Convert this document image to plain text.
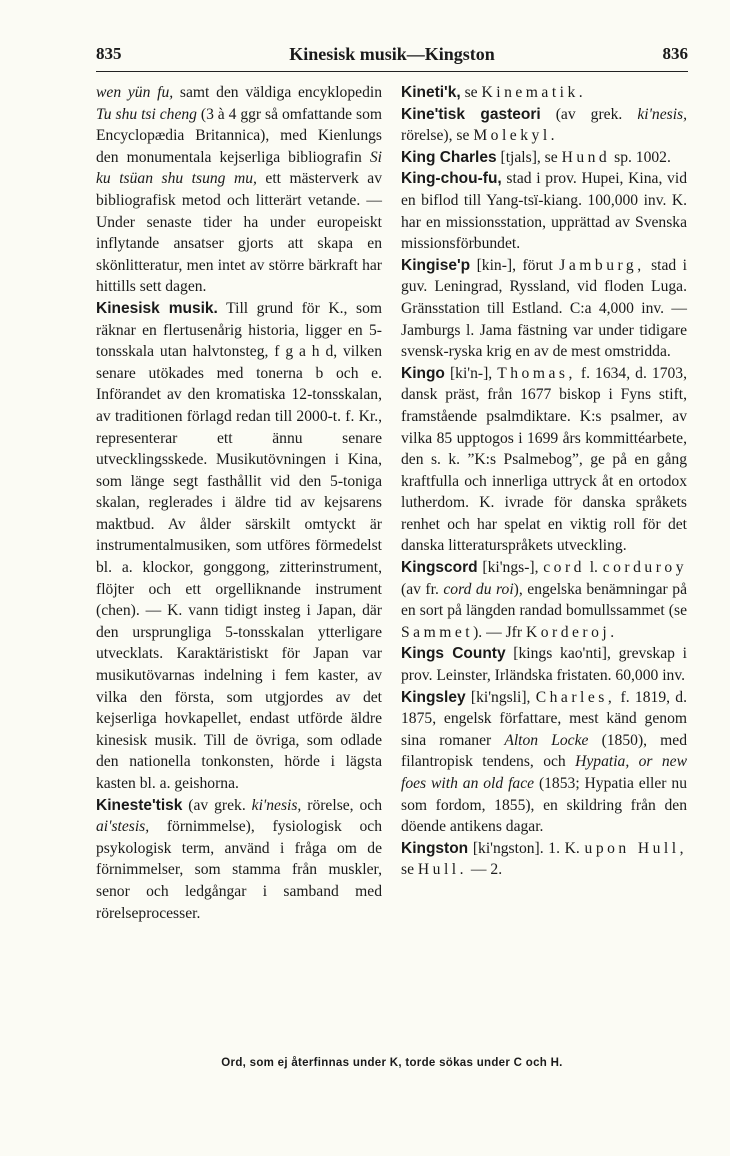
835	Kinesisk musik—Kingston	836

wen yün fu, samt den väldiga encyklopedin Tu shu tsi cheng (3 à 4 ggr så omfattande som Encyclopædia Britannica), med Kienlungs den monumentala kejserliga bibliografin Si ku tsüan shu tsung mu, ett mästerverk av bibliografisk metod och litterärt vetande. — Under senaste tider ha under europeiskt inflytande ansatser gjorts att skapa en skönlitteratur, men intet av större bärkraft har hittills sett dagen.

Kinesisk musik. Till grund för K., som räknar en flertusenårig historia, ligger en 5-tonsskala utan halvtonsteg, f g a h d, vilken senare utökades med tonerna b och e. Införandet av den kromatiska 12-tonsskalan, av traditionen förlagd redan till 2000-t. f. Kr., representerar ett ännu senare utvecklingsskede. Musikutövningen i Kina, som länge segt fasthållit vid den 5-toniga skalan, reglerades i äldre tid av kejsarens maktbud. Av ålder särskilt omtyckt är instrumentalmusiken, som utföres förmedelst bl. a. klockor, gonggong, zitterinstrument, flöjter och ett orgelliknande instrument (chen). — K. vann tidigt insteg i Japan, där den ursprungliga 5-tonsskalan ytterligare utvecklats. Karaktäristiskt för Japan var musikutövarnas indelning i fem kaster, av vilka den första, som utgjordes av det kejserliga hovkapellet, endast utförde äldre kinesisk musik. Till de övriga, som odlade den nationella tonkonsten, hörde i lägsta kasten bl. a. geishorna.

Kineste'tisk (av grek. ki'nesis, rörelse, och ai'stesis, förnimmelse), fysiologisk och psykologisk term, använd i fråga om de förnimmelser, som stamma från muskler, senor och ledgångar i samband med rörelseprocesser.

Kineti'k, se Kinematik.

Kine'tisk gasteori (av grek. ki'nesis, rörelse), se Molekyl.

King Charles [tjals], se Hund sp. 1002.

King-chou-fu, stad i prov. Hupei, Kina, vid en biflod till Yang-tsï-kiang. 100,000 inv. K. har en missionsstation, upprättad av Svenska missionsförbundet.

Kingise'p [kin-], förut Jamburg, stad i guv. Leningrad, Ryssland, vid floden Luga. Gränsstation till Estland. C:a 4,000 inv. — Jamburgs l. Jama fästning var under tidigare svensk-ryska krig en av de mest omstridda.

Kingo [ki'n-], Thomas, f. 1634, d. 1703, dansk präst, från 1677 biskop i Fyns stift, framstående psalmdiktare. K:s psalmer, av vilka 85 upptogos i 1699 års kommittéarbete, den s. k. ”K:s Psalmebog”, ge på en gång kraftfulla och innerliga uttryck åt en ortodox lutherdom. K. ivrade för danska språkets renhet och har spelat en viktig roll för det danska litteraturspråkets utveckling.

Kingscord [ki'ngs-], cord l. corduroy (av fr. cord du roi), engelska benämningar på en sort på längden randad bomullssammet (se Sammet). — Jfr Korderoj.

Kings County [kings kao'nti], grevskap i prov. Leinster, Irländska fristaten. 60,000 inv.

Kingsley [ki'ngsli], Charles, f. 1819, d. 1875, engelsk författare, mest känd genom sina romaner Alton Locke (1850), med filantropisk tendens, och Hypatia, or new foes with an old face (1853; Hypatia eller nu som fordom, 1855), en skildring från den döende antikens dagar.

Kingston [ki'ngston]. 1. K. upon Hull, se Hull. — 2.

Ord, som ej återfinnas under K, torde sökas under C och H.
